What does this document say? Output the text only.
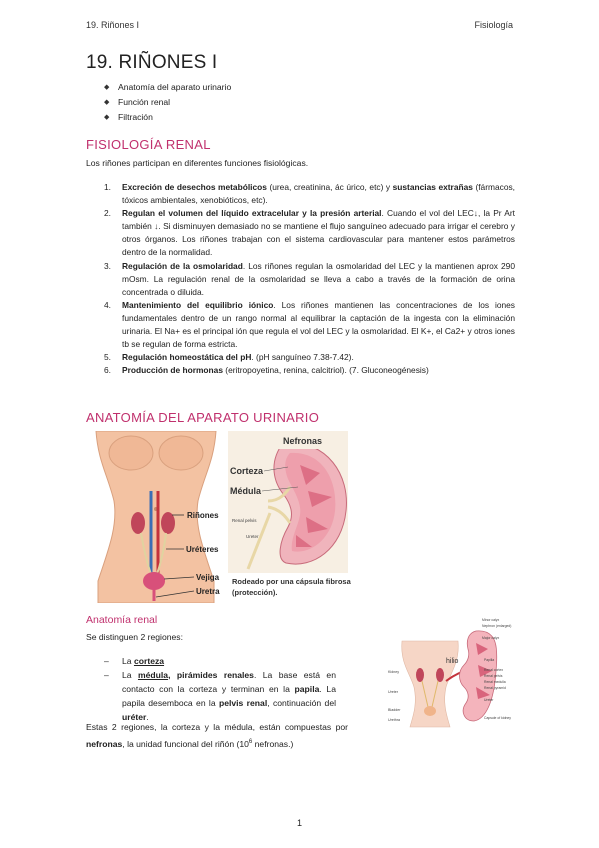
19. Riñones I	Fisiología
19. RIÑONES I
◆ Anatomía del aparato urinario
◆ Función renal
◆ Filtración
FISIOLOGÍA RENAL
Los riñones participan en diferentes funciones fisiológicas.
1. Excreción de desechos metabólicos (urea, creatinina, ác úrico, etc) y sustancias extrañas (fármacos, tóxicos ambientales, xenobióticos, etc).
2. Regulan el volumen del líquido extracelular y la presión arterial. Cuando el vol del LEC↓, la Pr Art también ↓. Si disminuyen demasiado no se mantiene el flujo sanguíneo adecuado para irrigar el cerebro y otros órganos. Los riñones trabajan con el sistema cardiovascular para mantener estos parámetros dentro de la normalidad.
3. Regulación de la osmolaridad. Los riñones regulan la osmolaridad del LEC y la mantienen aprox 290 mOsm. La regulación renal de la osmolaridad se lleva a cabo a través de la formación de orina concentrada o diluida.
4. Mantenimiento del equilibrio iónico. Los riñones mantienen las concentraciones de los iones fundamentales dentro de un rango normal al equilibrar la captación de la ingesta con la eliminación urinaria. El Na+ es el principal ión que regula el vol del LEC y la osmolaridad. El K+, el Ca2+ y otros iones tb se regulan de forma estricta.
5. Regulación homeostática del pH. (pH sanguíneo 7.38-7.42).
6. Producción de hormonas (eritropoyetina, renina, calcitriol). (7. Gluconeogénesis)
ANATOMÍA DEL APARATO URINARIO
Riñones
Uréteres
Vejiga
Uretra
Nefronas
Corteza
Médula
Renal pelvis
Ureter
Rodeado por una cápsula fibrosa (protección).
Anatomía renal
Se distinguen 2 regiones:
– La corteza
– La médula, pirámides renales. La base está en contacto con la corteza y terminan en la papila. La papila desemboca en la pelvis renal, continuación del uréter.
Estas 2 regiones, la corteza y la médula, están compuestas por nefronas, la unidad funcional del riñón ($10^6$ nefronas.)
hilio
Kidney
Ureter
Bladder
Urethra
Minor calyx
Nephron (enlarged)
Major calyx
Papilla
Renal cortex
Renal pelvis
Renal medulla
Renal pyramid
Ureter
Capsule of kidney
1
